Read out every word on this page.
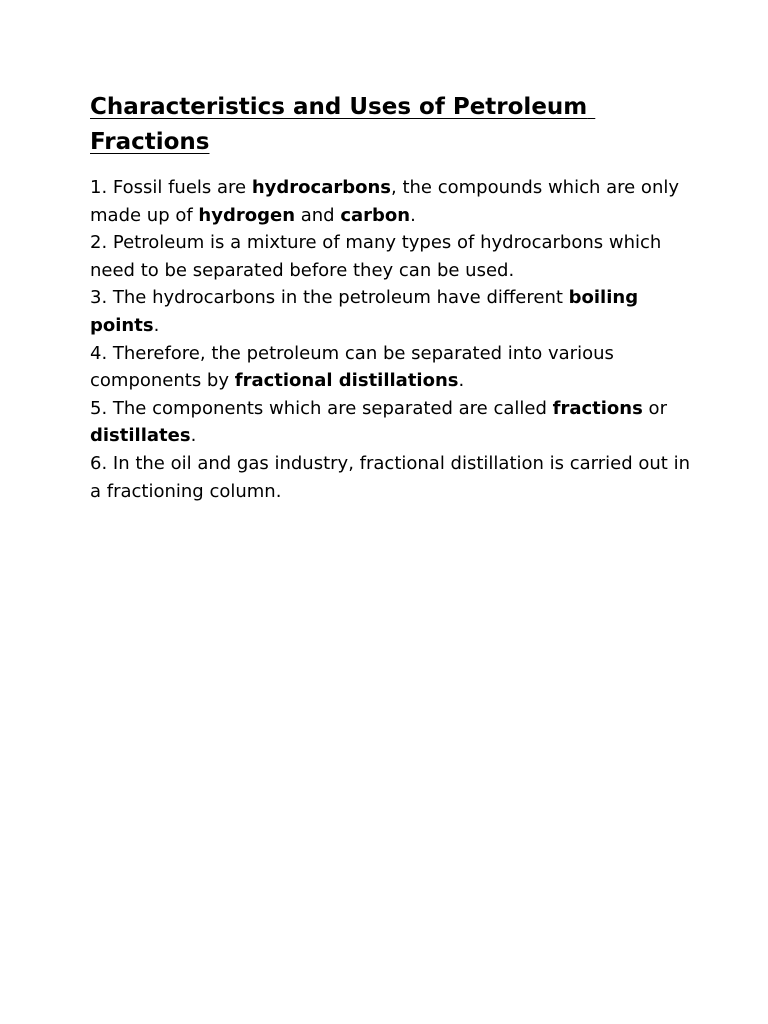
Characteristics and Uses of Petroleum Fractions

1. Fossil fuels are hydrocarbons, the compounds which are only made up of hydrogen and carbon.

2. Petroleum is a mixture of many types of hydrocarbons which need to be separated before they can be used.

3. The hydrocarbons in the petroleum have different boiling points.

4. Therefore, the petroleum can be separated into various components by fractional distillations.

5. The components which are separated are called fractions or distillates.

6. In the oil and gas industry, fractional distillation is carried out in a fractioning column.
